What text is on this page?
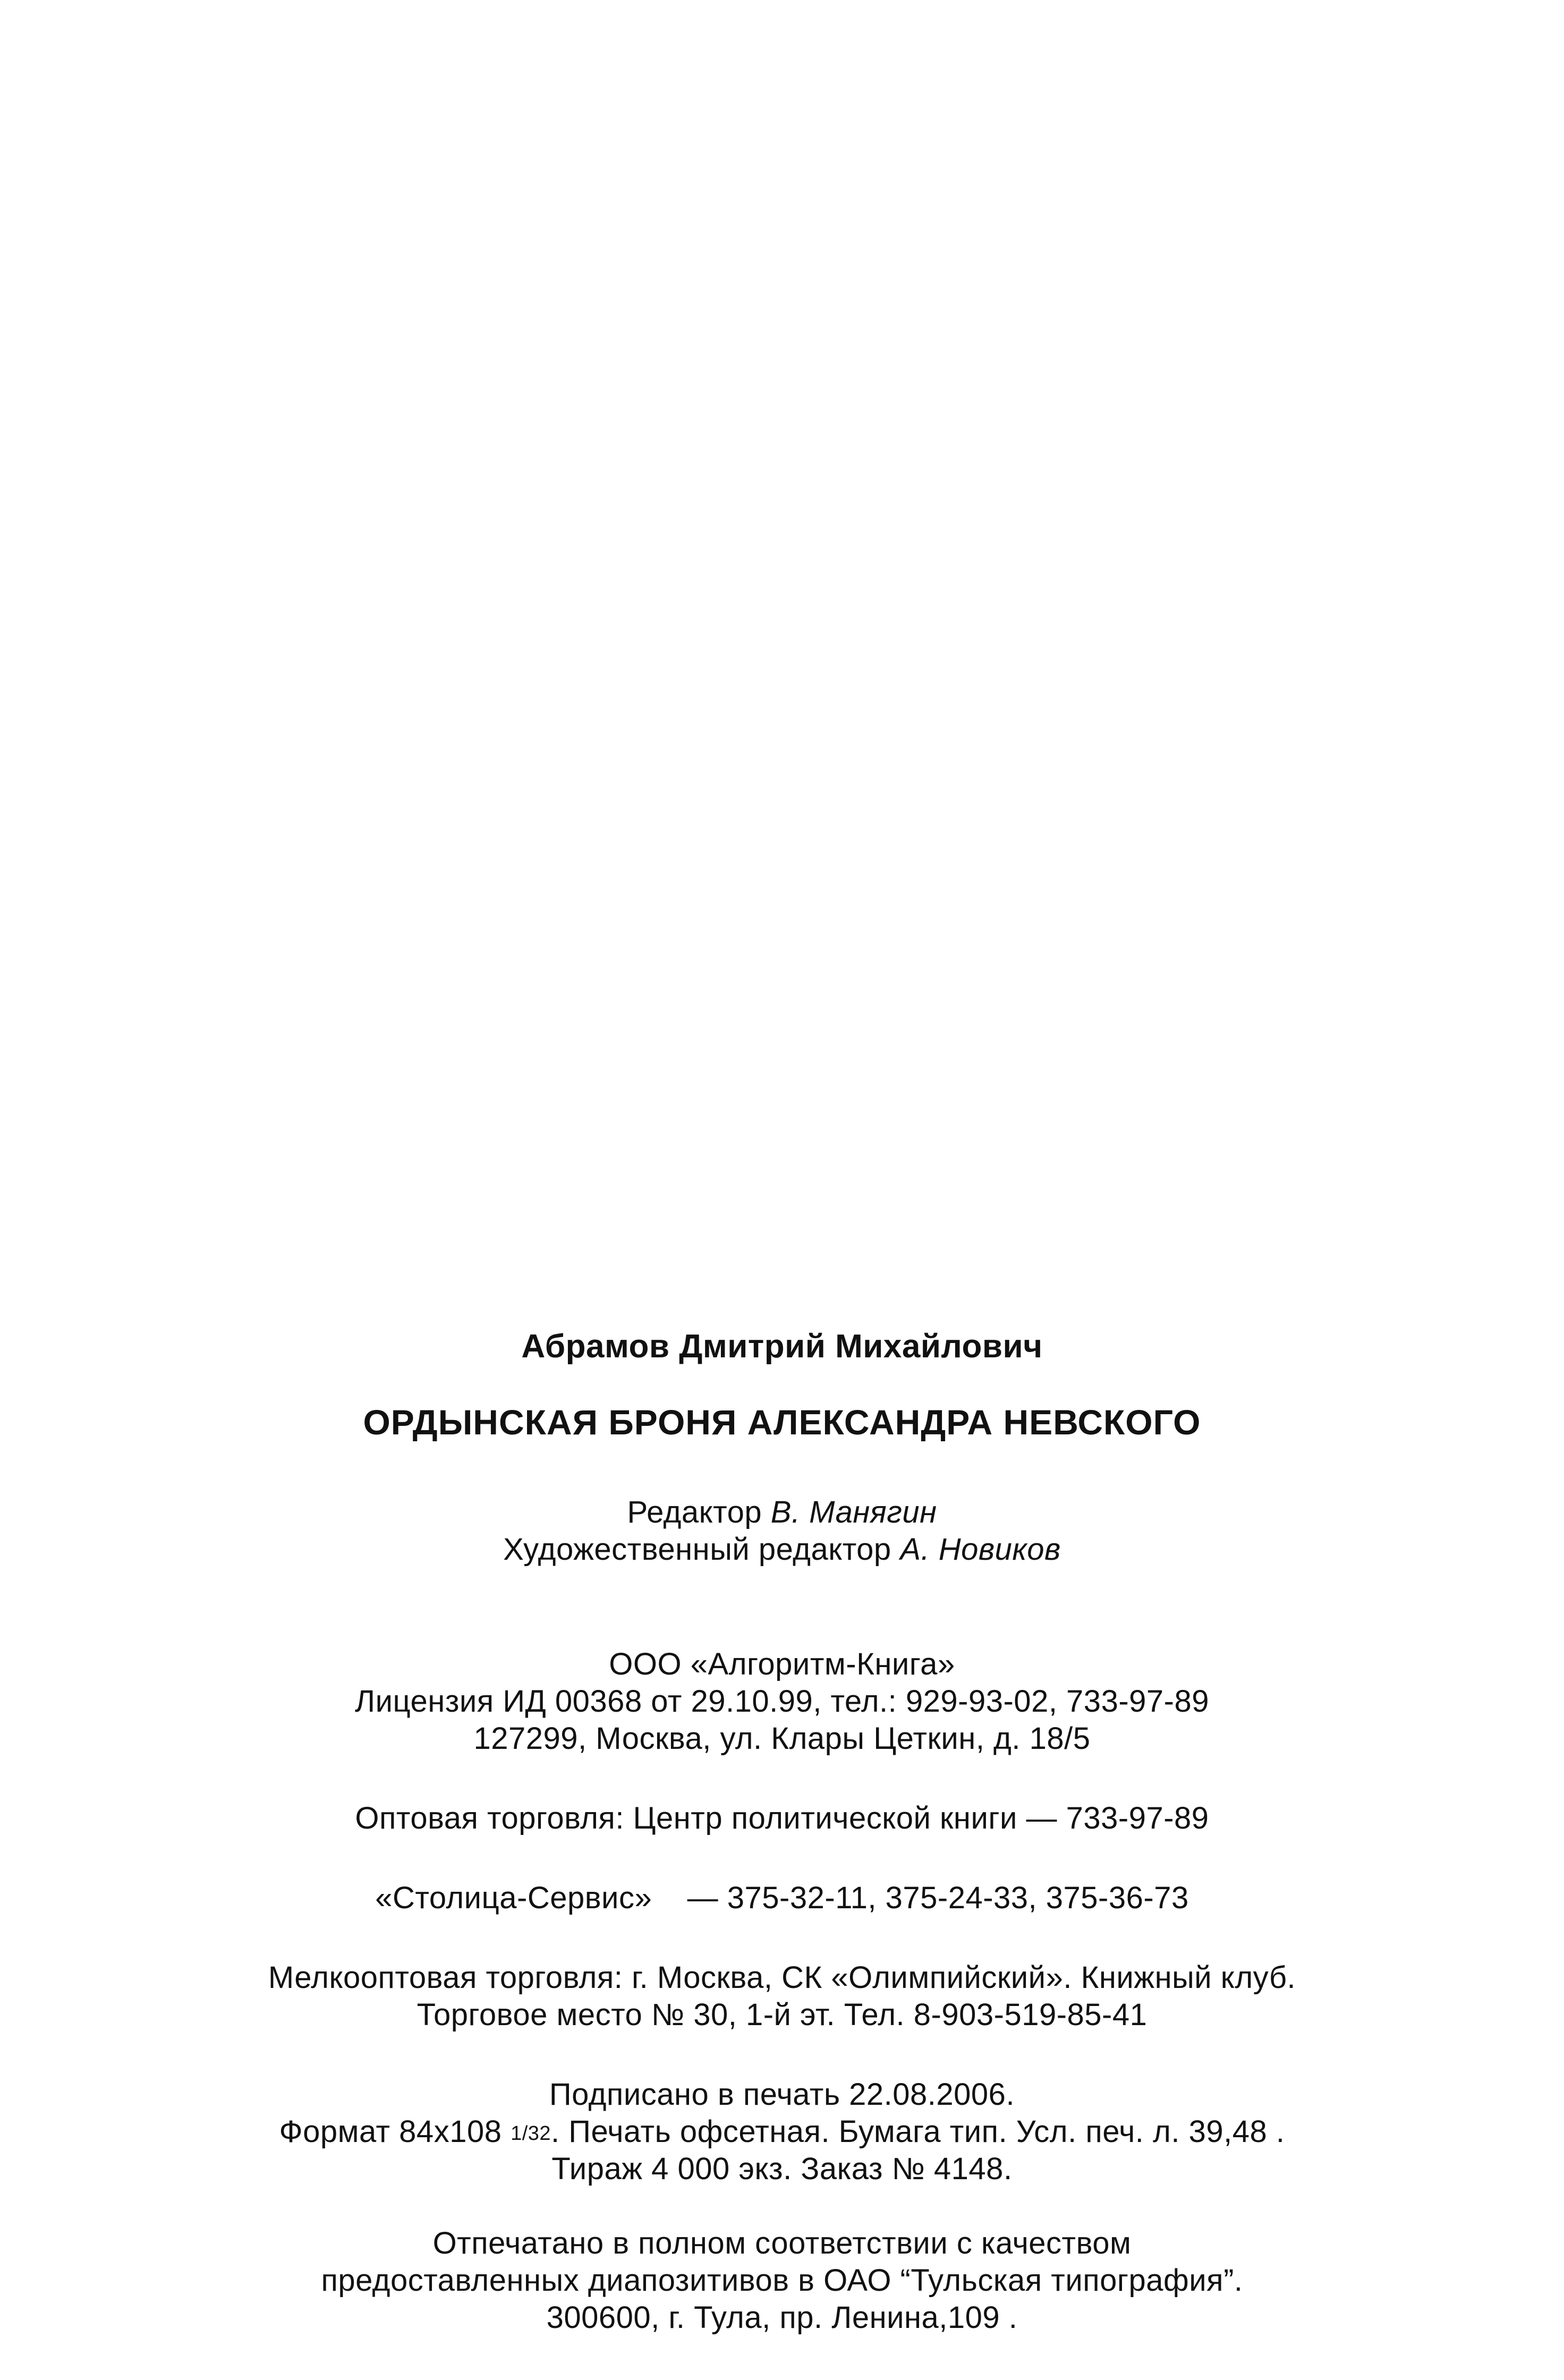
Абрамов Дмитрий Михайлович
ОРДЫНСКАЯ БРОНЯ АЛЕКСАНДРА НЕВСКОГО
Редактор В. Манягин
Художественный редактор А. Новиков
ООО «Алгоритм-Книга»
Лицензия ИД 00368 от 29.10.99, тел.: 929-93-02, 733-97-89
127299, Москва, ул. Клары Цеткин, д. 18/5
Оптовая торговля: Центр политической книги — 733-97-89
«Столица-Сервис»    — 375-32-11, 375-24-33, 375-36-73
Мелкооптовая торговля: г. Москва, СК «Олимпийский». Книжный клуб.
Торговое место № 30, 1-й эт. Тел. 8-903-519-85-41
Подписано в печать 22.08.2006.
Формат 84х108 1/32. Печать офсетная. Бумага тип. Усл. печ. л. 39,48 .
Тираж 4 000 экз. Заказ № 4148.
Отпечатано в полном соответствии с качеством
предоставленных диапозитивов в ОАО “Тульская типография”.
300600, г. Тула, пр. Ленина,109 .
